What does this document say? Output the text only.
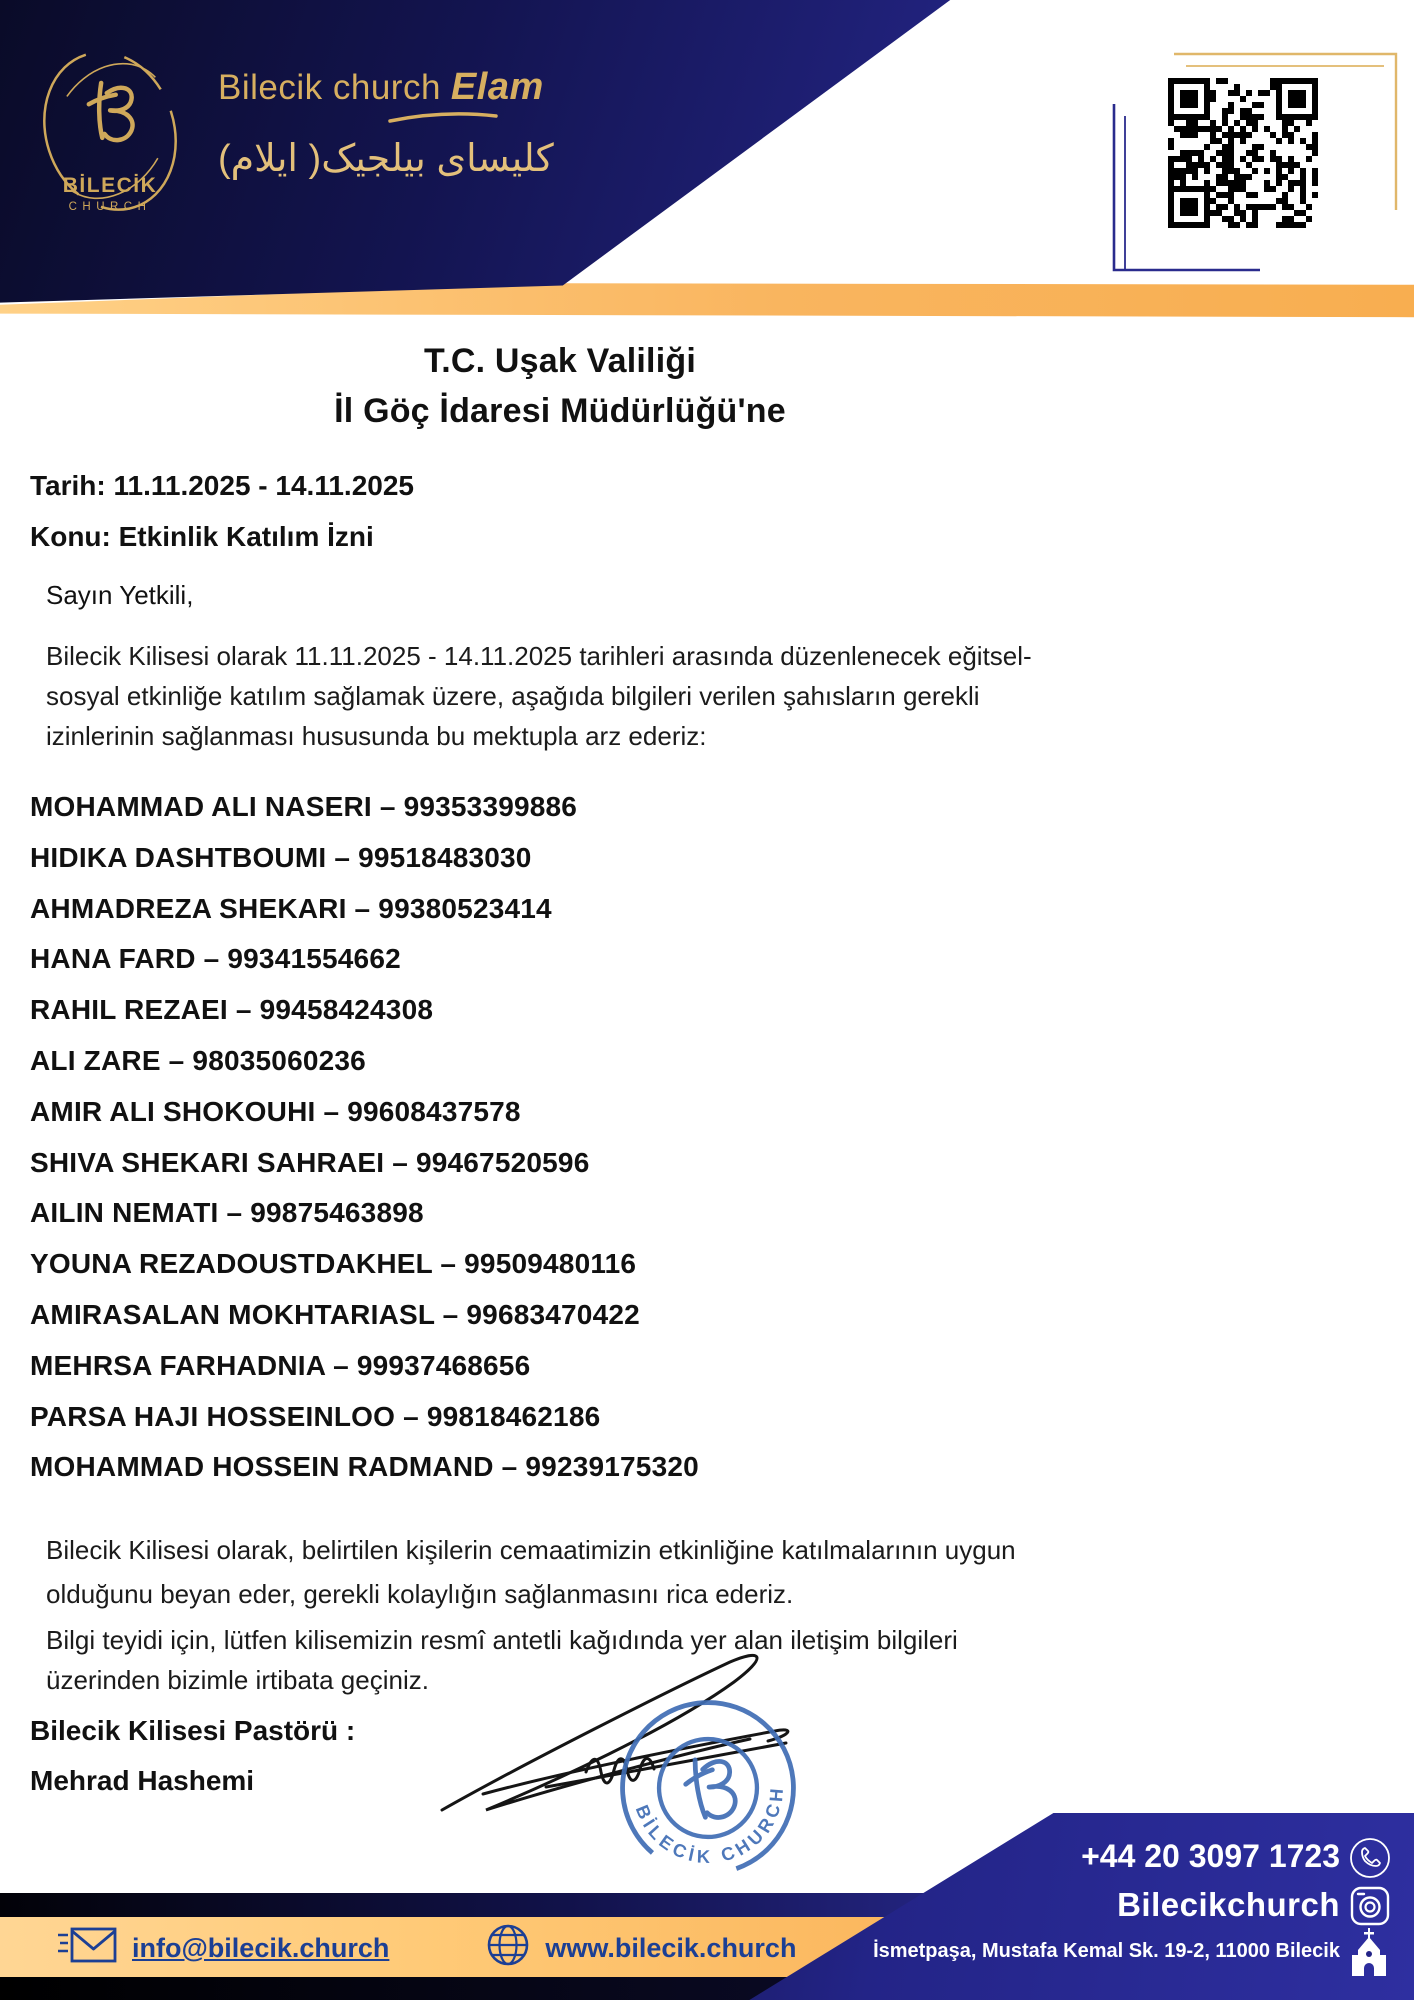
BİLECİK
CHURCH
Bilecik church Elam
کلیسای بیلجیک( ایلام)
T.C. Uşak Valiliği
İl Göç İdaresi Müdürlüğü'ne
Tarih: 11.11.2025 - 14.11.2025
Konu: Etkinlik Katılım İzni
Sayın Yetkili,
Bilecik Kilisesi olarak 11.11.2025 - 14.11.2025 tarihleri arasında düzenlenecek eğitsel-sosyal etkinliğe katılım sağlamak üzere, aşağıda bilgileri verilen şahısların gerekli izinlerinin sağlanması hususunda bu mektupla arz ederiz:
MOHAMMAD ALI NASERI – 99353399886
HIDIKA DASHTBOUMI – 99518483030
AHMADREZA SHEKARI – 99380523414
HANA FARD – 99341554662
RAHIL REZAEI – 99458424308
ALI ZARE – 98035060236
AMIR ALI SHOKOUHI – 99608437578
SHIVA SHEKARI SAHRAEI – 99467520596
AILIN NEMATI – 99875463898
YOUNA REZADOUSTDAKHEL – 99509480116
AMIRASALAN MOKHTARIASL – 99683470422
MEHRSA FARHADNIA – 99937468656
PARSA HAJI HOSSEINLOO – 99818462186
MOHAMMAD HOSSEIN RADMAND – 99239175320
Bilecik Kilisesi olarak, belirtilen kişilerin cemaatimizin etkinliğine katılmalarının uygun olduğunu beyan eder, gerekli kolaylığın sağlanmasını rica ederiz.
Bilgi teyidi için, lütfen kilisemizin resmî antetli kağıdında yer alan iletişim bilgileri üzerinden bizimle irtibata geçiniz.
Bilecik Kilisesi Pastörü :
Mehrad Hashemi
BİLECİK CHURCH
+44 20 3097 1723
Bilecikchurch
İsmetpaşa, Mustafa Kemal Sk. 19-2, 11000 Bilecik
info@bilecik.church	www.bilecik.church
